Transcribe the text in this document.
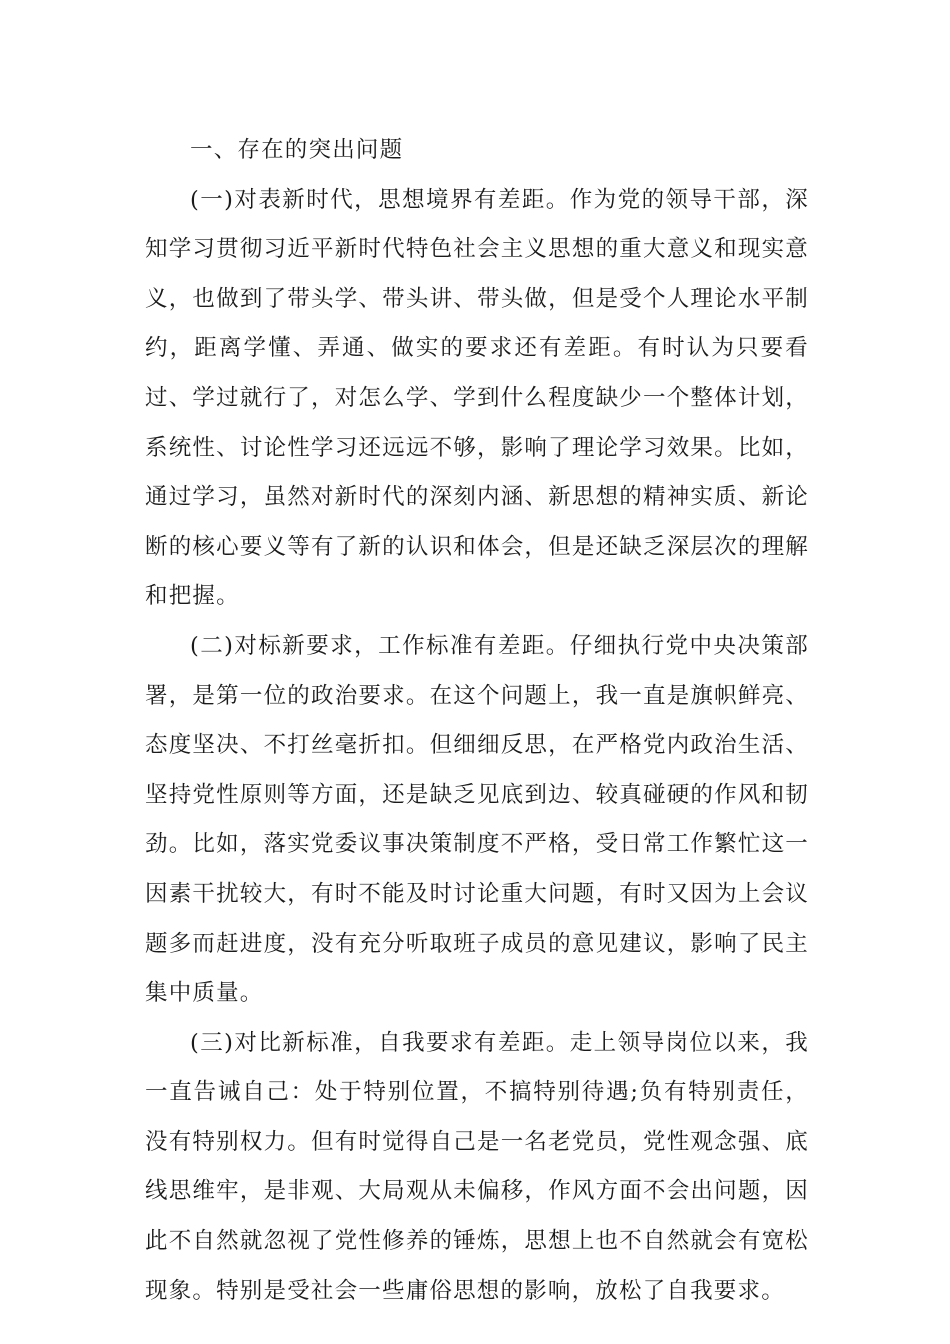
一、存在的突出问题

(一)对表新时代，思想境界有差距。作为党的领导干部，深知学习贯彻习近平新时代特色社会主义思想的重大意义和现实意义，也做到了带头学、带头讲、带头做，但是受个人理论水平制约，距离学懂、弄通、做实的要求还有差距。有时认为只要看过、学过就行了，对怎么学、学到什么程度缺少一个整体计划，系统性、讨论性学习还远远不够，影响了理论学习效果。比如，通过学习，虽然对新时代的深刻内涵、新思想的精神实质、新论断的核心要义等有了新的认识和体会，但是还缺乏深层次的理解和把握。

(二)对标新要求，工作标准有差距。仔细执行党中央决策部署，是第一位的政治要求。在这个问题上，我一直是旗帜鲜亮、态度坚决、不打丝毫折扣。但细细反思，在严格党内政治生活、坚持党性原则等方面，还是缺乏见底到边、较真碰硬的作风和韧劲。比如，落实党委议事决策制度不严格，受日常工作繁忙这一因素干扰较大，有时不能及时讨论重大问题，有时又因为上会议题多而赶进度，没有充分听取班子成员的意见建议，影响了民主集中质量。

(三)对比新标准，自我要求有差距。走上领导岗位以来，我一直告诫自己：处于特别位置，不搞特别待遇;负有特别责任，没有特别权力。但有时觉得自己是一名老党员，党性观念强、底线思维牢，是非观、大局观从未偏移，作风方面不会出问题，因此不自然就忽视了党性修养的锤炼，思想上也不自然就会有宽松现象。特别是受社会一些庸俗思想的影响，放松了自我要求。
